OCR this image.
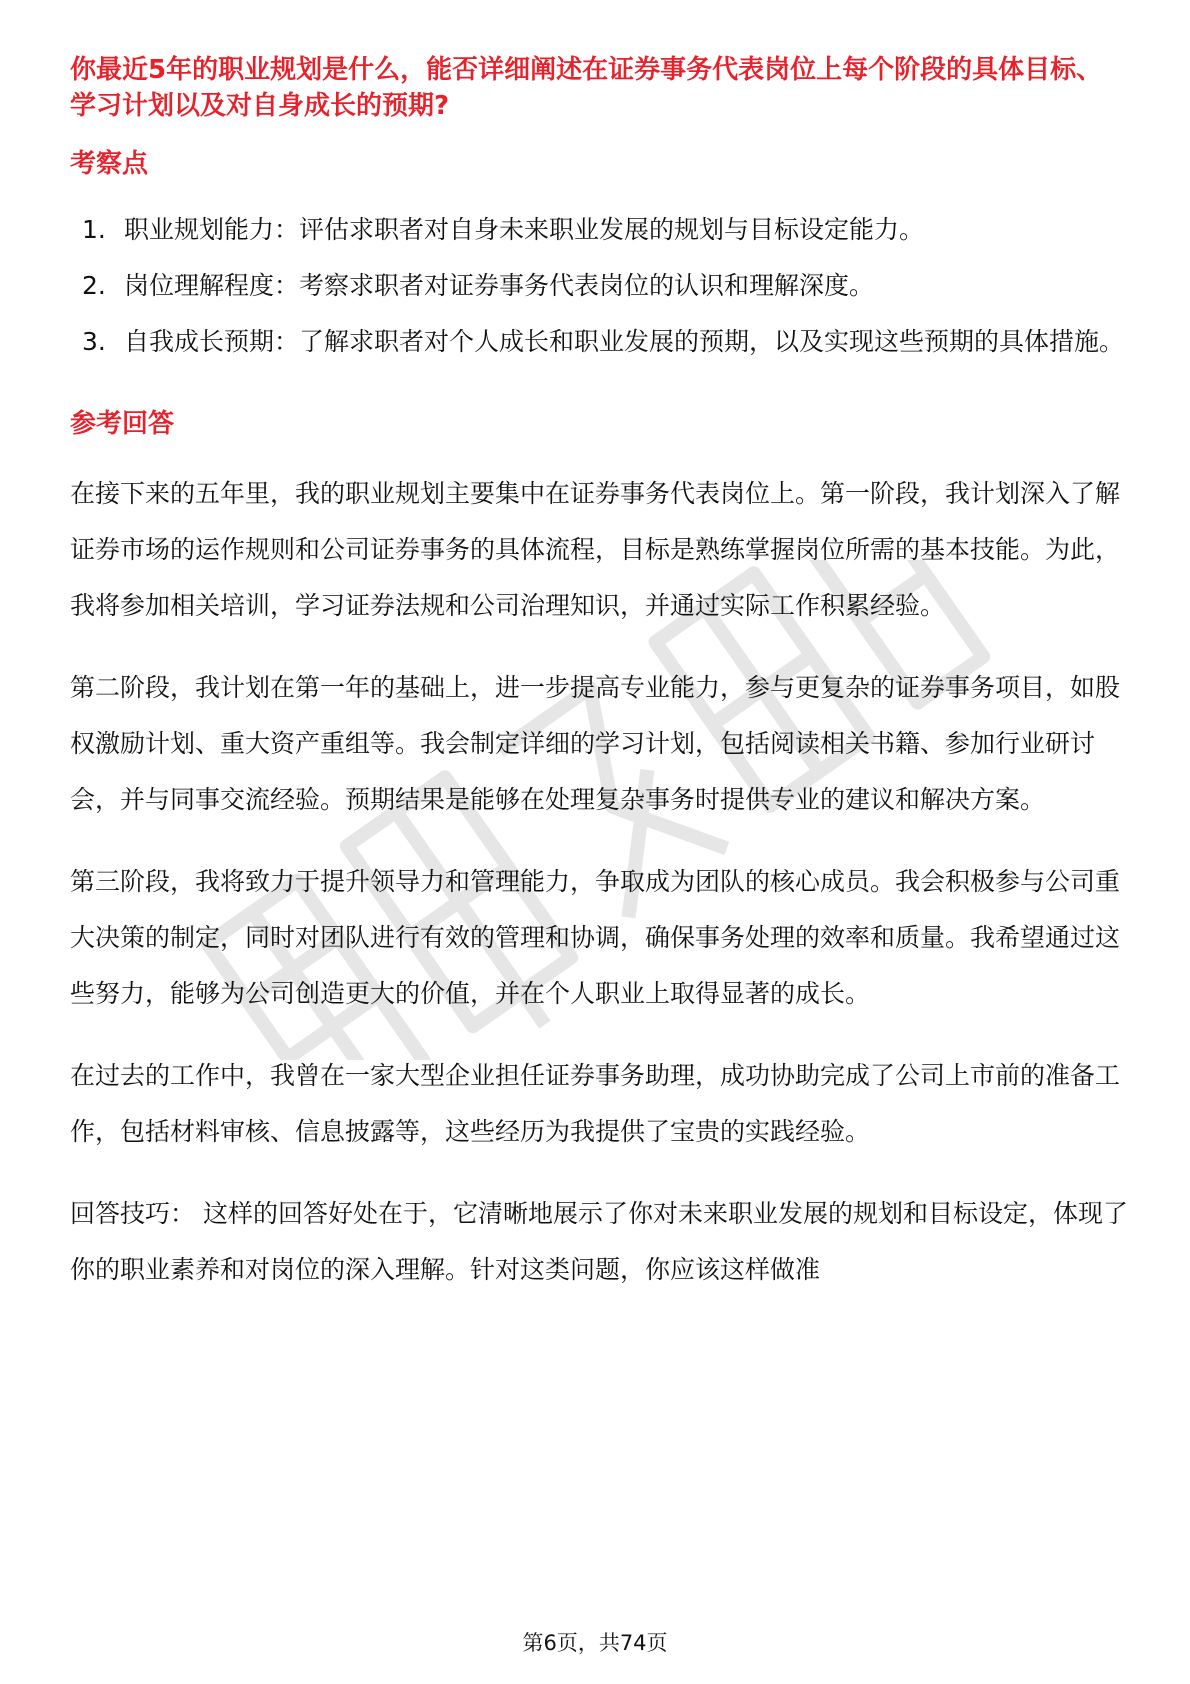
你最近5年的职业规划是什么，能否详细阐述在证券事务代表岗位上每个阶段的具体目标、学习计划以及对自身成长的预期?

考察点

1. 职业规划能力：评估求职者对自身未来职业发展的规划与目标设定能力。
2. 岗位理解程度：考察求职者对证券事务代表岗位的认识和理解深度。
3. 自我成长预期：了解求职者对个人成长和职业发展的预期，以及实现这些预期的具体措施。

参考回答

在接下来的五年里，我的职业规划主要集中在证券事务代表岗位上。第一阶段，我计划深入了解证券市场的运作规则和公司证券事务的具体流程，目标是熟练掌握岗位所需的基本技能。为此，我将参加相关培训，学习证券法规和公司治理知识，并通过实际工作积累经验。

第二阶段，我计划在第一年的基础上，进一步提高专业能力，参与更复杂的证券事务项目，如股权激励计划、重大资产重组等。我会制定详细的学习计划，包括阅读相关书籍、参加行业研讨会，并与同事交流经验。预期结果是能够在处理复杂事务时提供专业的建议和解决方案。

第三阶段，我将致力于提升领导力和管理能力，争取成为团队的核心成员。我会积极参与公司重大决策的制定，同时对团队进行有效的管理和协调，确保事务处理的效率和质量。我希望通过这些努力，能够为公司创造更大的价值，并在个人职业上取得显著的成长。

在过去的工作中，我曾在一家大型企业担任证券事务助理，成功协助完成了公司上市前的准备工作，包括材料审核、信息披露等，这些经历为我提供了宝贵的实践经验。

回答技巧： 这样的回答好处在于，它清晰地展示了你对未来职业发展的规划和目标设定，体现了你的职业素养和对岗位的深入理解。针对这类问题，你应该这样做准

第6页，共74页
